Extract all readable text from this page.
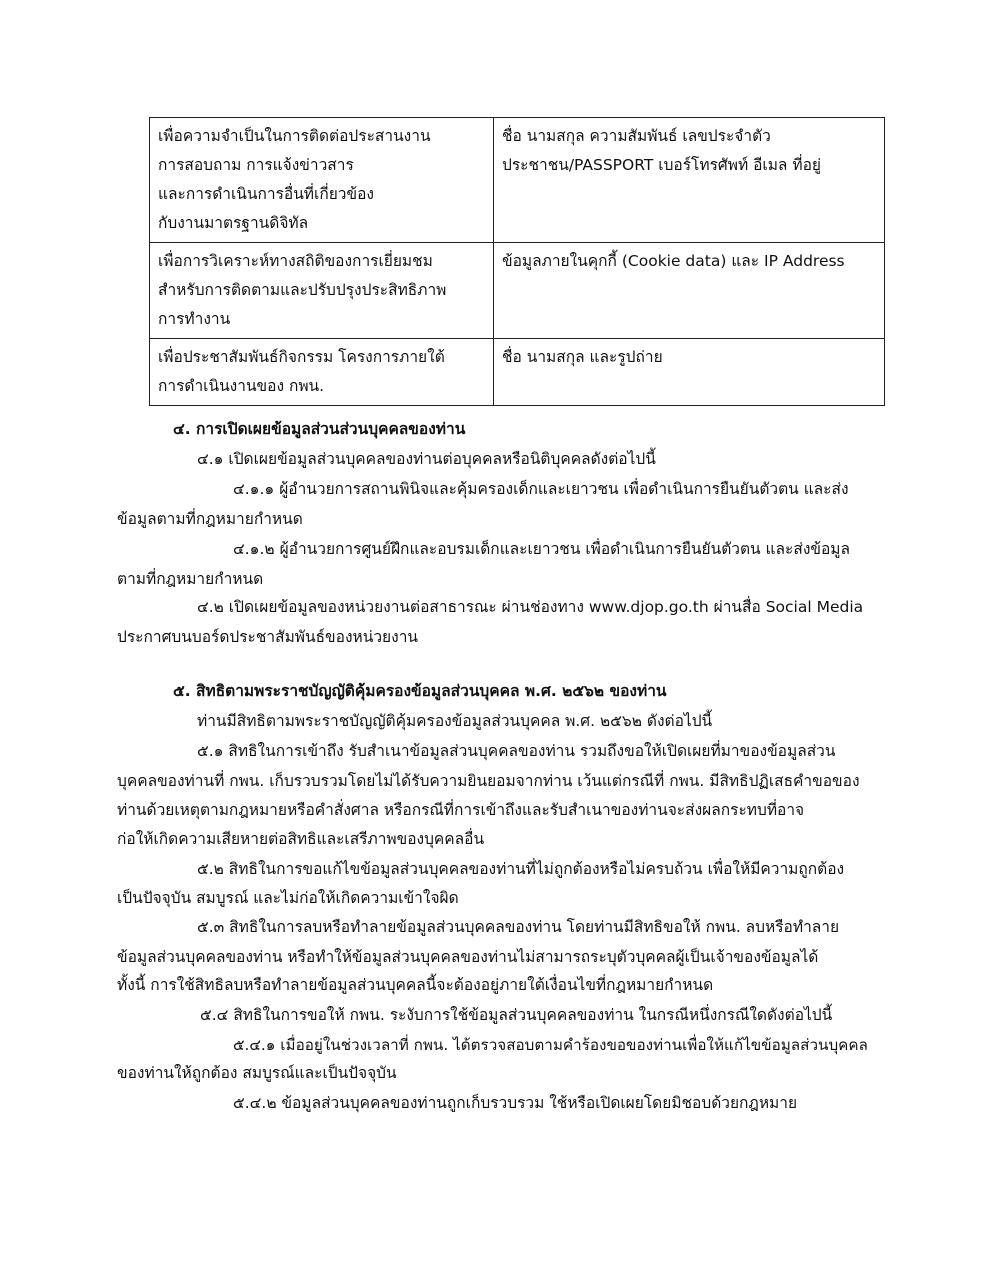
เพื่อความจำเป็นในการติดต่อประสานงาน
การสอบถาม การแจ้งข่าวสาร
และการดำเนินการอื่นที่เกี่ยวข้อง
กับงานมาตรฐานดิจิทัล	ชื่อ นามสกุล ความสัมพันธ์ เลขประจำตัว
ประชาชน/PASSPORT เบอร์โทรศัพท์ อีเมล ที่อยู่

เพื่อการวิเคราะห์ทางสถิติของการเยี่ยมชม
สำหรับการติดตามและปรับปรุงประสิทธิภาพ
การทำงาน	ข้อมูลภายในคุกกี้ (Cookie data) และ IP Address

เพื่อประชาสัมพันธ์กิจกรรม โครงการภายใต้
การดำเนินงานของ กพน.	ชื่อ นามสกุล และรูปถ่าย
๔. การเปิดเผยข้อมูลส่วนส่วนบุคคลของท่าน
๔.๑ เปิดเผยข้อมูลส่วนบุคคลของท่านต่อบุคคลหรือนิติบุคคลดังต่อไปนี้
๔.๑.๑ ผู้อำนวยการสถานพินิจและคุ้มครองเด็กและเยาวชน เพื่อดำเนินการยืนยันตัวตน และส่ง
ข้อมูลตามที่กฎหมายกำหนด
๔.๑.๒ ผู้อำนวยการศูนย์ฝึกและอบรมเด็กและเยาวชน เพื่อดำเนินการยืนยันตัวตน และส่งข้อมูล
ตามที่กฎหมายกำหนด
๔.๒ เปิดเผยข้อมูลของหน่วยงานต่อสาธารณะ ผ่านช่องทาง www.djop.go.th ผ่านสื่อ Social Media
ประกาศบนบอร์ดประชาสัมพันธ์ของหน่วยงาน
๕. สิทธิตามพระราชบัญญัติคุ้มครองข้อมูลส่วนบุคคล พ.ศ. ๒๕๖๒ ของท่าน
ท่านมีสิทธิตามพระราชบัญญัติคุ้มครองข้อมูลส่วนบุคคล พ.ศ. ๒๕๖๒ ดังต่อไปนี้
๕.๑ สิทธิในการเข้าถึง รับสำเนาข้อมูลส่วนบุคคลของท่าน รวมถึงขอให้เปิดเผยที่มาของข้อมูลส่วน
บุคคลของท่านที่ กพน. เก็บรวบรวมโดยไม่ได้รับความยินยอมจากท่าน เว้นแต่กรณีที่ กพน. มีสิทธิปฏิเสธคำขอของ
ท่านด้วยเหตุตามกฎหมายหรือคำสั่งศาล หรือกรณีที่การเข้าถึงและรับสำเนาของท่านจะส่งผลกระทบที่อาจ
ก่อให้เกิดความเสียหายต่อสิทธิและเสรีภาพของบุคคลอื่น
๕.๒ สิทธิในการขอแก้ไขข้อมูลส่วนบุคคลของท่านที่ไม่ถูกต้องหรือไม่ครบถ้วน เพื่อให้มีความถูกต้อง
เป็นปัจจุบัน สมบูรณ์ และไม่ก่อให้เกิดความเข้าใจผิด
๕.๓ สิทธิในการลบหรือทำลายข้อมูลส่วนบุคคลของท่าน โดยท่านมีสิทธิขอให้ กพน. ลบหรือทำลาย
ข้อมูลส่วนบุคคลของท่าน หรือทำให้ข้อมูลส่วนบุคคลของท่านไม่สามารถระบุตัวบุคคลผู้เป็นเจ้าของข้อมูลได้
ทั้งนี้ การใช้สิทธิลบหรือทำลายข้อมูลส่วนบุคคลนี้จะต้องอยู่ภายใต้เงื่อนไขที่กฎหมายกำหนด
๕.๔ สิทธิในการขอให้ กพน. ระงับการใช้ข้อมูลส่วนบุคคลของท่าน ในกรณีหนึ่งกรณีใดดังต่อไปนี้
๕.๔.๑ เมื่ออยู่ในช่วงเวลาที่ กพน. ได้ตรวจสอบตามคำร้องขอของท่านเพื่อให้แก้ไขข้อมูลส่วนบุคคล
ของท่านให้ถูกต้อง สมบูรณ์และเป็นปัจจุบัน
๕.๔.๒ ข้อมูลส่วนบุคคลของท่านถูกเก็บรวบรวม ใช้หรือเปิดเผยโดยมิชอบด้วยกฎหมาย
